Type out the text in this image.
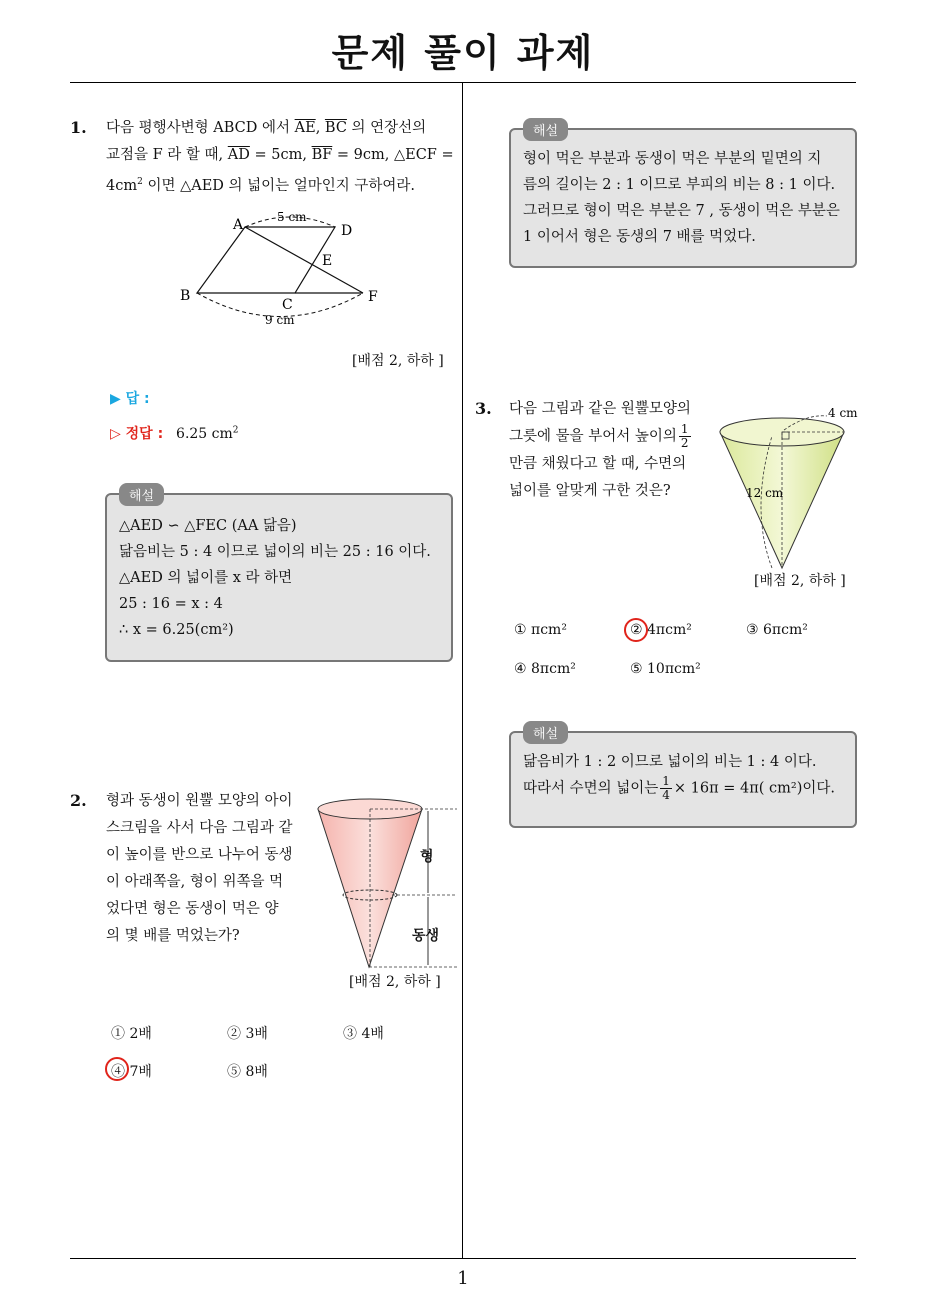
문제 풀이 과제
1
1. 다음 평행사변형 ABCD 에서 $\overline{AE}$, $\overline{BC}$ 의 연장선의
교점을 F 라 할 때, $\overline{AD} = 5cm$, $\overline{BF} = 9cm$, △ECF =
$4cm^2$ 이면 △AED 의 넓이는 얼마인지 구하여라.
A	D
E
B
C	F
5 cm
9 cm
[배점 2, 하하 ]
▶ 답 :
▷ 정답 : 6.25 $cm^2$
해설
△AED ∽ △FEC (AA 닮음)
닮음비는 5 : 4 이므로 넓이의 비는 25 : 16 이다.
△AED 의 넓이를 x 라 하면
25 : 16 = x : 4
∴ x = 6.25(cm²)
2. 형과 동생이 원뿔 모양의 아이
스크림을 사서 다음 그림과 같
이 높이를 반으로 나누어 동생
이 아래쪽을, 형이 위쪽을 먹
었다면 형은 동생이 먹은 양
의 몇 배를 먹었는가?
형
동생
[배점 2, 하하 ]
① 2배	② 3배	③ 4배
④ 7배	⑤ 8배
해설
형이 먹은 부분과 동생이 먹은 부분의 밑면의 지
름의 길이는 2 : 1 이므로 부피의 비는 8 : 1 이다.
그러므로 형이 먹은 부분은 7 , 동생이 먹은 부분은
1 이어서 형은 동생의 7 배를 먹었다.
3. 다음 그림과 같은 원뿔모양의
그릇에 물을 부어서 높이의 $\frac{1}{2}$
만큼 채웠다고 할 때, 수면의
넓이를 알맞게 구한 것은?
4 cm
12 cm
[배점 2, 하하 ]
① πcm²	② 4πcm²	③ 6πcm²
④ 8πcm²	⑤ 10πcm²
해설
닮음비가 1 : 2 이므로 넓이의 비는 1 : 4 이다.
따라서 수면의 넓이는 $\frac{1}{4} \times 16\pi = 4\pi$( cm²)이다.
